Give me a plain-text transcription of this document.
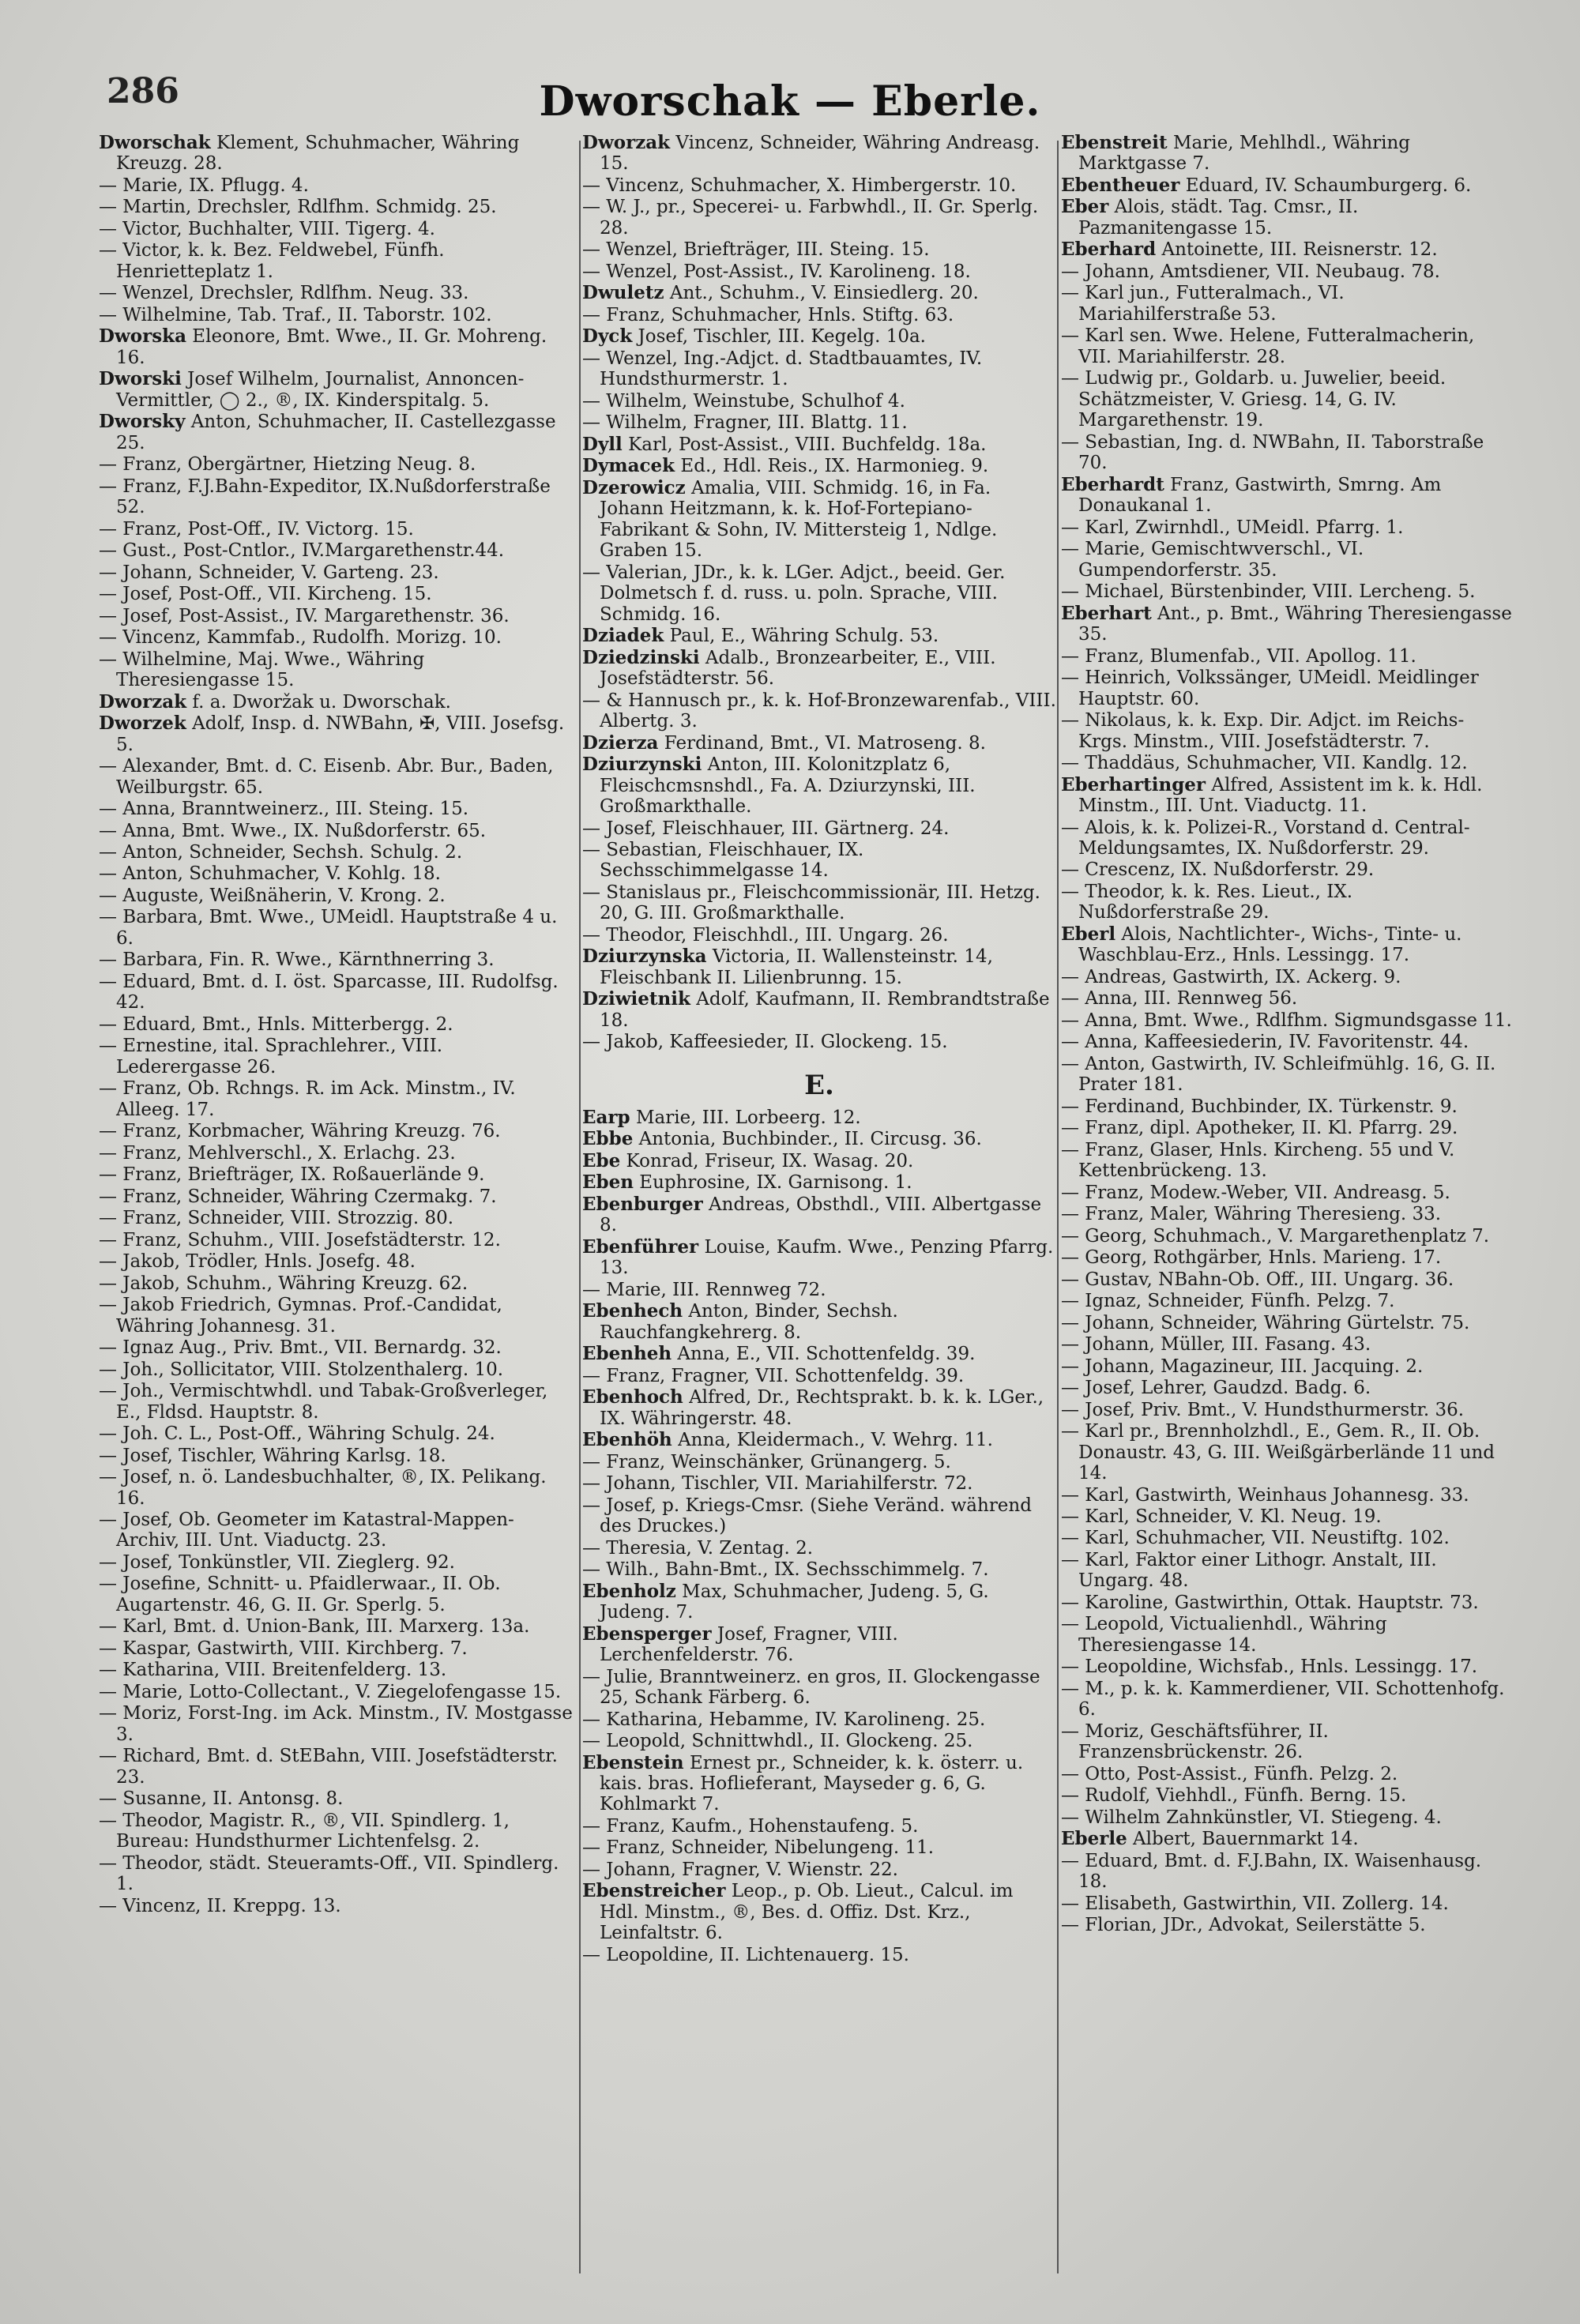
286	Dworschak — Eberle.
Dworschak Klement, Schuhmacher, Währing Kreuzg. 28.
— Marie, IX. Pflugg. 4.
— Martin, Drechsler, Rdlfhm. Schmidg. 25.
— Victor, Buchhalter, VIII. Tigerg. 4.
— Victor, k. k. Bez. Feldwebel, Fünfh. Henrietteplatz 1.
— Wenzel, Drechsler, Rdlfhm. Neug. 33.
— Wilhelmine, Tab. Traf., II. Taborstr. 102.
Dworska Eleonore, Bmt. Wwe., II. Gr. Mohreng. 16.
Dworski Josef Wilhelm, Journalist, Annoncen-Vermittler, ◯ 2., ®, IX. Kinderspitalg. 5.
Dworsky Anton, Schuhmacher, II. Castellezgasse 25.
— Franz, Obergärtner, Hietzing Neug. 8.
— Franz, F.J.Bahn-Expeditor, IX.Nußdorferstraße 52.
— Franz, Post-Off., IV. Victorg. 15.
— Gust., Post-Cntlor., IV.Margarethenstr.44.
— Johann, Schneider, V. Garteng. 23.
— Josef, Post-Off., VII. Kircheng. 15.
— Josef, Post-Assist., IV. Margarethenstr. 36.
— Vincenz, Kammfab., Rudolfh. Morizg. 10.
— Wilhelmine, Maj. Wwe., Währing Theresiengasse 15.
Dworzak f. a. Dworžak u. Dworschak.
Dworzek Adolf, Insp. d. NWBahn, ✠, VIII. Josefsg. 5.
— Alexander, Bmt. d. C. Eisenb. Abr. Bur., Baden, Weilburgstr. 65.
— Anna, Branntweinerz., III. Steing. 15.
— Anna, Bmt. Wwe., IX. Nußdorferstr. 65.
— Anton, Schneider, Sechsh. Schulg. 2.
— Anton, Schuhmacher, V. Kohlg. 18.
— Auguste, Weißnäherin, V. Krong. 2.
— Barbara, Bmt. Wwe., UMeidl. Hauptstraße 4 u. 6.
— Barbara, Fin. R. Wwe., Kärnthnerring 3.
— Eduard, Bmt. d. I. öst. Sparcasse, III. Rudolfsg. 42.
— Eduard, Bmt., Hnls. Mitterbergg. 2.
— Ernestine, ital. Sprachlehrer., VIII. Lederergasse 26.
— Franz, Ob. Rchngs. R. im Ack. Minstm., IV. Alleeg. 17.
— Franz, Korbmacher, Währing Kreuzg. 76.
— Franz, Mehlverschl., X. Erlachg. 23.
— Franz, Briefträger, IX. Roßauerlände 9.
— Franz, Schneider, Währing Czermakg. 7.
— Franz, Schneider, VIII. Strozzig. 80.
— Franz, Schuhm., VIII. Josefstädterstr. 12.
— Jakob, Trödler, Hnls. Josefg. 48.
— Jakob, Schuhm., Währing Kreuzg. 62.
— Jakob Friedrich, Gymnas. Prof.-Candidat, Währing Johannesg. 31.
— Ignaz Aug., Priv. Bmt., VII. Bernardg. 32.
— Joh., Sollicitator, VIII. Stolzenthalerg. 10.
— Joh., Vermischtwhdl. und Tabak-Großverleger, E., Fldsd. Hauptstr. 8.
— Joh. C. L., Post-Off., Währing Schulg. 24.
— Josef, Tischler, Währing Karlsg. 18.
— Josef, n. ö. Landesbuchhalter, ®, IX. Pelikang. 16.
— Josef, Ob. Geometer im Katastral-Mappen-Archiv, III. Unt. Viaductg. 23.
— Josef, Tonkünstler, VII. Zieglerg. 92.
— Josefine, Schnitt- u. Pfaidlerwaar., II. Ob. Augartenstr. 46, G. II. Gr. Sperlg. 5.
— Karl, Bmt. d. Union-Bank, III. Marxerg. 13a.
— Kaspar, Gastwirth, VIII. Kirchberg. 7.
— Katharina, VIII. Breitenfelderg. 13.
— Marie, Lotto-Collectant., V. Ziegelofengasse 15.
— Moriz, Forst-Ing. im Ack. Minstm., IV. Mostgasse 3.
— Richard, Bmt. d. StEBahn, VIII. Josefstädterstr. 23.
— Susanne, II. Antonsg. 8.
— Theodor, Magistr. R., ®, VII. Spindlerg. 1, Bureau: Hundsthurmer Lichtenfelsg. 2.
— Theodor, städt. Steueramts-Off., VII. Spindlerg. 1.
— Vincenz, II. Kreppg. 13.
Dworzak Vincenz, Schneider, Währing Andreasg. 15.
— Vincenz, Schuhmacher, X. Himbergerstr. 10.
— W. J., pr., Specerei- u. Farbwhdl., II. Gr. Sperlg. 28.
— Wenzel, Briefträger, III. Steing. 15.
— Wenzel, Post-Assist., IV. Karolineng. 18.
Dwuletz Ant., Schuhm., V. Einsiedlerg. 20.
— Franz, Schuhmacher, Hnls. Stiftg. 63.
Dyck Josef, Tischler, III. Kegelg. 10a.
— Wenzel, Ing.-Adjct. d. Stadtbauamtes, IV. Hundsthurmerstr. 1.
— Wilhelm, Weinstube, Schulhof 4.
— Wilhelm, Fragner, III. Blattg. 11.
Dyll Karl, Post-Assist., VIII. Buchfeldg. 18a.
Dymacek Ed., Hdl. Reis., IX. Harmonieg. 9.
Dzerowicz Amalia, VIII. Schmidg. 16, in Fa. Johann Heitzmann, k. k. Hof-Fortepiano-Fabrikant & Sohn, IV. Mittersteig 1, Ndlge. Graben 15.
— Valerian, JDr., k. k. LGer. Adjct., beeid. Ger. Dolmetsch f. d. russ. u. poln. Sprache, VIII. Schmidg. 16.
Dziadek Paul, E., Währing Schulg. 53.
Dziedzinski Adalb., Bronzearbeiter, E., VIII. Josefstädterstr. 56.
— & Hannusch pr., k. k. Hof-Bronzewarenfab., VIII. Albertg. 3.
Dzierza Ferdinand, Bmt., VI. Matroseng. 8.
Dziurzynski Anton, III. Kolonitzplatz 6, Fleischcmsnshdl., Fa. A. Dziurzynski, III. Großmarkthalle.
— Josef, Fleischhauer, III. Gärtnerg. 24.
— Sebastian, Fleischhauer, IX. Sechsschimmelgasse 14.
— Stanislaus pr., Fleischcommissionär, III. Hetzg. 20, G. III. Großmarkthalle.
— Theodor, Fleischhdl., III. Ungarg. 26.
Dziurzynska Victoria, II. Wallensteinstr. 14, Fleischbank II. Lilienbrunng. 15.
Dziwietnik Adolf, Kaufmann, II. Rembrandtstraße 18.
— Jakob, Kaffeesieder, II. Glockeng. 15.
E.
Earp Marie, III. Lorbeerg. 12.
Ebbe Antonia, Buchbinder., II. Circusg. 36.
Ebe Konrad, Friseur, IX. Wasag. 20.
Eben Euphrosine, IX. Garnisong. 1.
Ebenburger Andreas, Obsthdl., VIII. Albertgasse 8.
Ebenführer Louise, Kaufm. Wwe., Penzing Pfarrg. 13.
— Marie, III. Rennweg 72.
Ebenhech Anton, Binder, Sechsh. Rauchfangkehrerg. 8.
Ebenheh Anna, E., VII. Schottenfeldg. 39.
— Franz, Fragner, VII. Schottenfeldg. 39.
Ebenhoch Alfred, Dr., Rechtsprakt. b. k. k. LGer., IX. Währingerstr. 48.
Ebenhöh Anna, Kleidermach., V. Wehrg. 11.
— Franz, Weinschänker, Grünangerg. 5.
— Johann, Tischler, VII. Mariahilferstr. 72.
— Josef, p. Kriegs-Cmsr. (Siehe Veränd. während des Druckes.)
— Theresia, V. Zentag. 2.
— Wilh., Bahn-Bmt., IX. Sechsschimmelg. 7.
Ebenholz Max, Schuhmacher, Judeng. 5, G. Judeng. 7.
Ebensperger Josef, Fragner, VIII. Lerchenfelderstr. 76.
— Julie, Branntweinerz. en gros, II. Glockengasse 25, Schank Färberg. 6.
— Katharina, Hebamme, IV. Karolineng. 25.
— Leopold, Schnittwhdl., II. Glockeng. 25.
Ebenstein Ernest pr., Schneider, k. k. österr. u. kais. bras. Hoflieferant, Mayseder g. 6, G. Kohlmarkt 7.
— Franz, Kaufm., Hohenstaufeng. 5.
— Franz, Schneider, Nibelungeng. 11.
— Johann, Fragner, V. Wienstr. 22.
Ebenstreicher Leop., p. Ob. Lieut., Calcul. im Hdl. Minstm., ®, Bes. d. Offiz. Dst. Krz., Leinfaltstr. 6.
— Leopoldine, II. Lichtenauerg. 15.
Ebenstreit Marie, Mehlhdl., Währing Marktgasse 7.
Ebentheuer Eduard, IV. Schaumburgerg. 6.
Eber Alois, städt. Tag. Cmsr., II. Pazmanitengasse 15.
Eberhard Antoinette, III. Reisnerstr. 12.
— Johann, Amtsdiener, VII. Neubaug. 78.
— Karl jun., Futteralmach., VI. Mariahilferstraße 53.
— Karl sen. Wwe. Helene, Futteralmacherin, VII. Mariahilferstr. 28.
— Ludwig pr., Goldarb. u. Juwelier, beeid. Schätzmeister, V. Griesg. 14, G. IV. Margarethenstr. 19.
— Sebastian, Ing. d. NWBahn, II. Taborstraße 70.
Eberhardt Franz, Gastwirth, Smrng. Am Donaukanal 1.
— Karl, Zwirnhdl., UMeidl. Pfarrg. 1.
— Marie, Gemischtwverschl., VI. Gumpendorferstr. 35.
— Michael, Bürstenbinder, VIII. Lercheng. 5.
Eberhart Ant., p. Bmt., Währing Theresiengasse 35.
— Franz, Blumenfab., VII. Apollog. 11.
— Heinrich, Volkssänger, UMeidl. Meidlinger Hauptstr. 60.
— Nikolaus, k. k. Exp. Dir. Adjct. im Reichs-Krgs. Minstm., VIII. Josefstädterstr. 7.
— Thaddäus, Schuhmacher, VII. Kandlg. 12.
Eberhartinger Alfred, Assistent im k. k. Hdl. Minstm., III. Unt. Viaductg. 11.
— Alois, k. k. Polizei-R., Vorstand d. Central-Meldungsamtes, IX. Nußdorferstr. 29.
— Crescenz, IX. Nußdorferstr. 29.
— Theodor, k. k. Res. Lieut., IX. Nußdorferstraße 29.
Eberl Alois, Nachtlichter-, Wichs-, Tinte- u. Waschblau-Erz., Hnls. Lessingg. 17.
— Andreas, Gastwirth, IX. Ackerg. 9.
— Anna, III. Rennweg 56.
— Anna, Bmt. Wwe., Rdlfhm. Sigmundsgasse 11.
— Anna, Kaffeesiederin, IV. Favoritenstr. 44.
— Anton, Gastwirth, IV. Schleifmühlg. 16, G. II. Prater 181.
— Ferdinand, Buchbinder, IX. Türkenstr. 9.
— Franz, dipl. Apotheker, II. Kl. Pfarrg. 29.
— Franz, Glaser, Hnls. Kircheng. 55 und V. Kettenbrückeng. 13.
— Franz, Modew.-Weber, VII. Andreasg. 5.
— Franz, Maler, Währing Theresieng. 33.
— Georg, Schuhmach., V. Margarethenplatz 7.
— Georg, Rothgärber, Hnls. Marieng. 17.
— Gustav, NBahn-Ob. Off., III. Ungarg. 36.
— Ignaz, Schneider, Fünfh. Pelzg. 7.
— Johann, Schneider, Währing Gürtelstr. 75.
— Johann, Müller, III. Fasang. 43.
— Johann, Magazineur, III. Jacquing. 2.
— Josef, Lehrer, Gaudzd. Badg. 6.
— Josef, Priv. Bmt., V. Hundsthurmerstr. 36.
— Karl pr., Brennholzhdl., E., Gem. R., II. Ob. Donaustr. 43, G. III. Weißgärberlände 11 und 14.
— Karl, Gastwirth, Weinhaus Johannesg. 33.
— Karl, Schneider, V. Kl. Neug. 19.
— Karl, Schuhmacher, VII. Neustiftg. 102.
— Karl, Faktor einer Lithogr. Anstalt, III. Ungarg. 48.
— Karoline, Gastwirthin, Ottak. Hauptstr. 73.
— Leopold, Victualienhdl., Währing Theresiengasse 14.
— Leopoldine, Wichsfab., Hnls. Lessingg. 17.
— M., p. k. k. Kammerdiener, VII. Schottenhofg. 6.
— Moriz, Geschäftsführer, II. Franzensbrückenstr. 26.
— Otto, Post-Assist., Fünfh. Pelzg. 2.
— Rudolf, Viehhdl., Fünfh. Berng. 15.
— Wilhelm Zahnkünstler, VI. Stiegeng. 4.
Eberle Albert, Bauernmarkt 14.
— Eduard, Bmt. d. F.J.Bahn, IX. Waisenhausg. 18.
— Elisabeth, Gastwirthin, VII. Zollerg. 14.
— Florian, JDr., Advokat, Seilerstätte 5.
